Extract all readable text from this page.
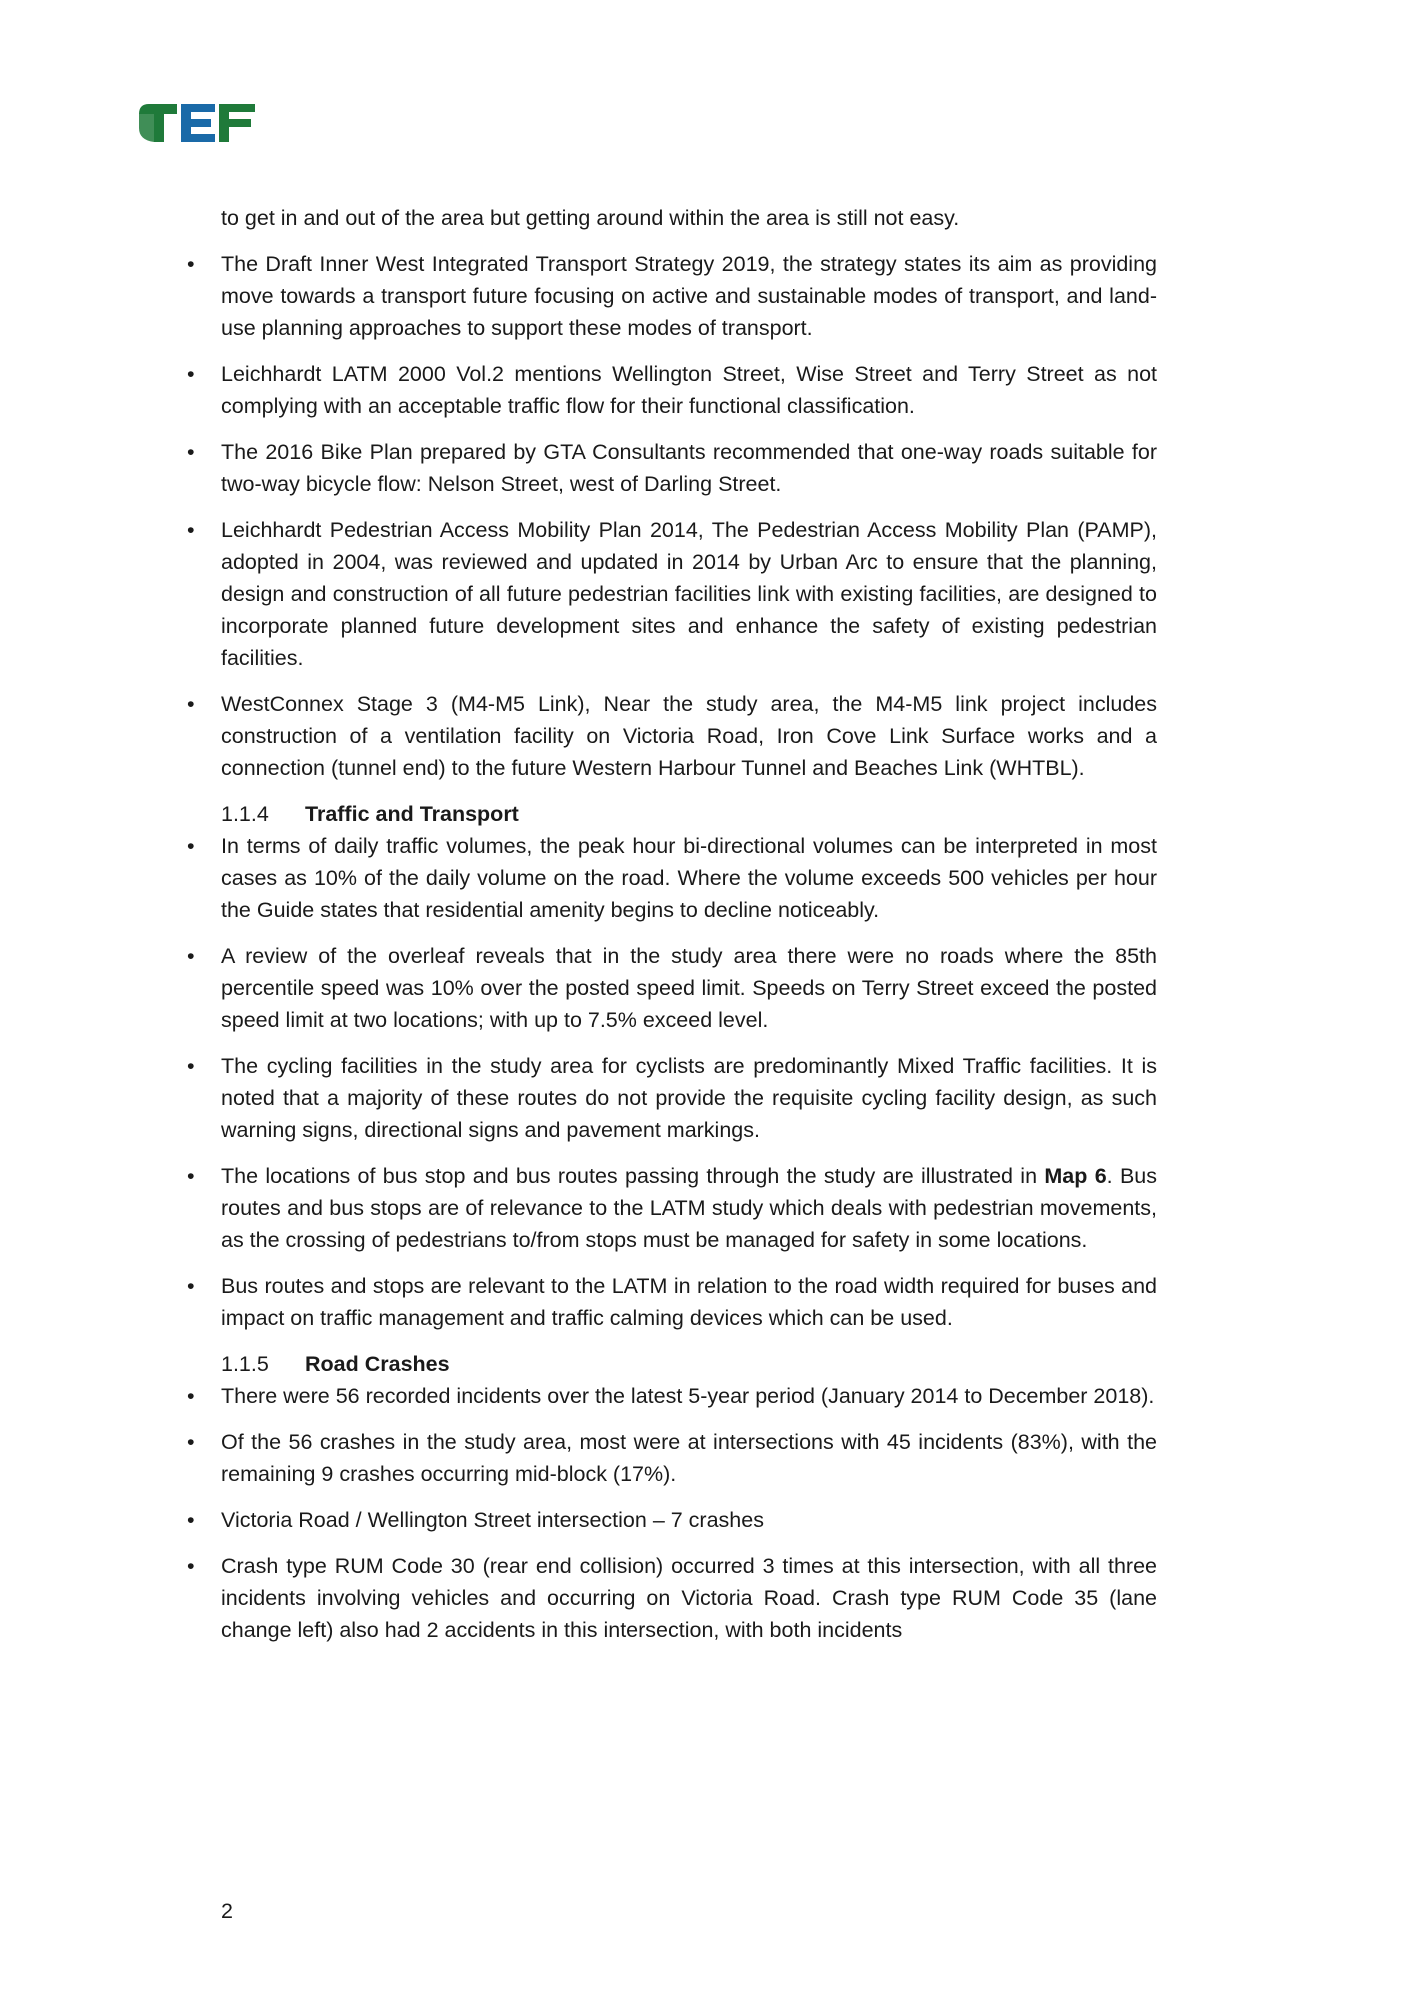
to get in and out of the area but getting around within the area is still not easy.

• The Draft Inner West Integrated Transport Strategy 2019, the strategy states its aim as providing move towards a transport future focusing on active and sustainable modes of transport, and land-use planning approaches to support these modes of transport.
• Leichhardt LATM 2000 Vol.2 mentions Wellington Street, Wise Street and Terry Street as not complying with an acceptable traffic flow for their functional classification.
• The 2016 Bike Plan prepared by GTA Consultants recommended that one-way roads suitable for two-way bicycle flow: Nelson Street, west of Darling Street.
• Leichhardt Pedestrian Access Mobility Plan 2014, The Pedestrian Access Mobility Plan (PAMP), adopted in 2004, was reviewed and updated in 2014 by Urban Arc to ensure that the planning, design and construction of all future pedestrian facilities link with existing facilities, are designed to incorporate planned future development sites and enhance the safety of existing pedestrian facilities.
• WestConnex Stage 3 (M4-M5 Link), Near the study area, the M4-M5 link project includes construction of a ventilation facility on Victoria Road, Iron Cove Link Surface works and a connection (tunnel end) to the future Western Harbour Tunnel and Beaches Link (WHTBL).

1.1.4 Traffic and Transport

• In terms of daily traffic volumes, the peak hour bi-directional volumes can be interpreted in most cases as 10% of the daily volume on the road. Where the volume exceeds 500 vehicles per hour the Guide states that residential amenity begins to decline noticeably.
• A review of the overleaf reveals that in the study area there were no roads where the 85th percentile speed was 10% over the posted speed limit. Speeds on Terry Street exceed the posted speed limit at two locations; with up to 7.5% exceed level.
• The cycling facilities in the study area for cyclists are predominantly Mixed Traffic facilities. It is noted that a majority of these routes do not provide the requisite cycling facility design, as such warning signs, directional signs and pavement markings.
• The locations of bus stop and bus routes passing through the study are illustrated in Map 6. Bus routes and bus stops are of relevance to the LATM study which deals with pedestrian movements, as the crossing of pedestrians to/from stops must be managed for safety in some locations.
• Bus routes and stops are relevant to the LATM in relation to the road width required for buses and impact on traffic management and traffic calming devices which can be used.

1.1.5 Road Crashes

• There were 56 recorded incidents over the latest 5-year period (January 2014 to December 2018).
• Of the 56 crashes in the study area, most were at intersections with 45 incidents (83%), with the remaining 9 crashes occurring mid-block (17%).
• Victoria Road / Wellington Street intersection – 7 crashes
• Crash type RUM Code 30 (rear end collision) occurred 3 times at this intersection, with all three incidents involving vehicles and occurring on Victoria Road. Crash type RUM Code 35 (lane change left) also had 2 accidents in this intersection, with both incidents
2
